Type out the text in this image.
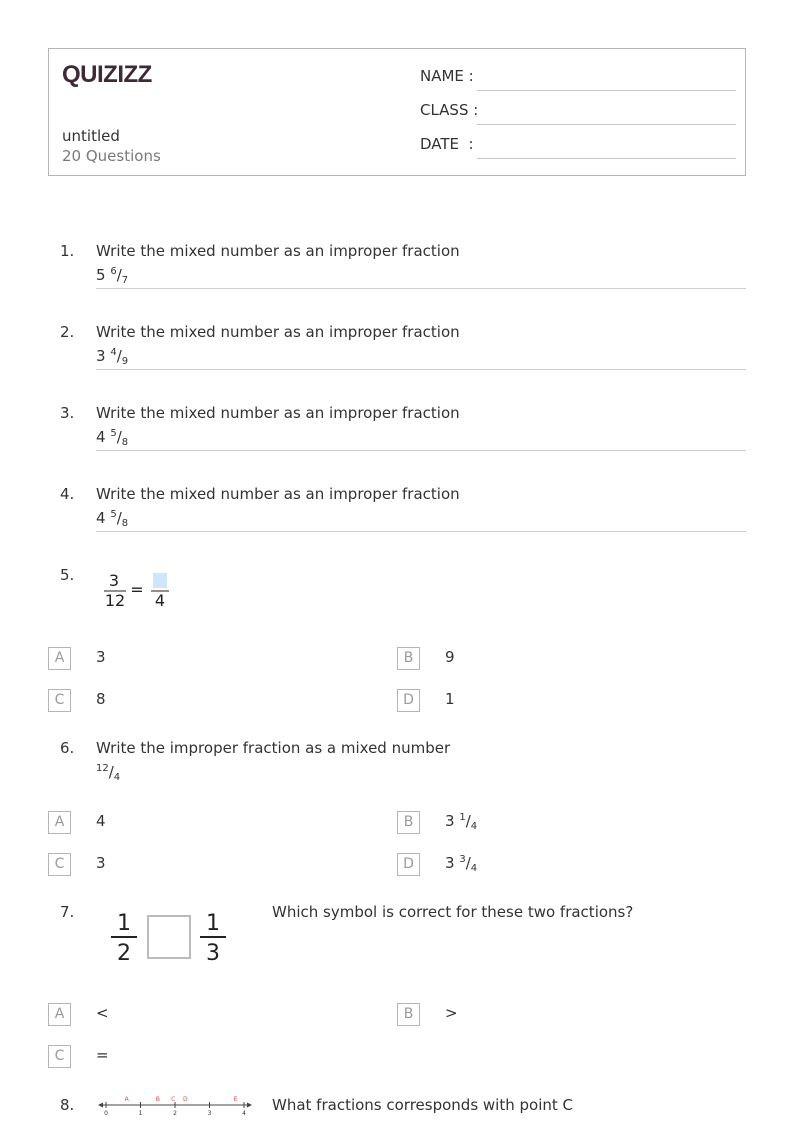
QUIZIZZ
untitled
20 Questions
NAME :
CLASS :
DATE  :
1. Write the mixed number as an improper fraction
5 $^6/_7$
2. Write the mixed number as an improper fraction
3 $^4/_9$
3. Write the mixed number as an improper fraction
4 $^5/_8$
4. Write the mixed number as an improper fraction
4 $^5/_8$
5. 3
12
=
4
A	3	B	9
C	8	D	1
6. Write the improper fraction as a mixed number
$^{12}/_4$
A	4	B	3 $^1/_4$
C	3	D	3 $^3/_4$
7. 1
2
1
3
Which symbol is correct for these two fractions?
A	<	B	>
C	=
8.	0	1	2	3	4
A	B C D	E What fractions corresponds with point C
